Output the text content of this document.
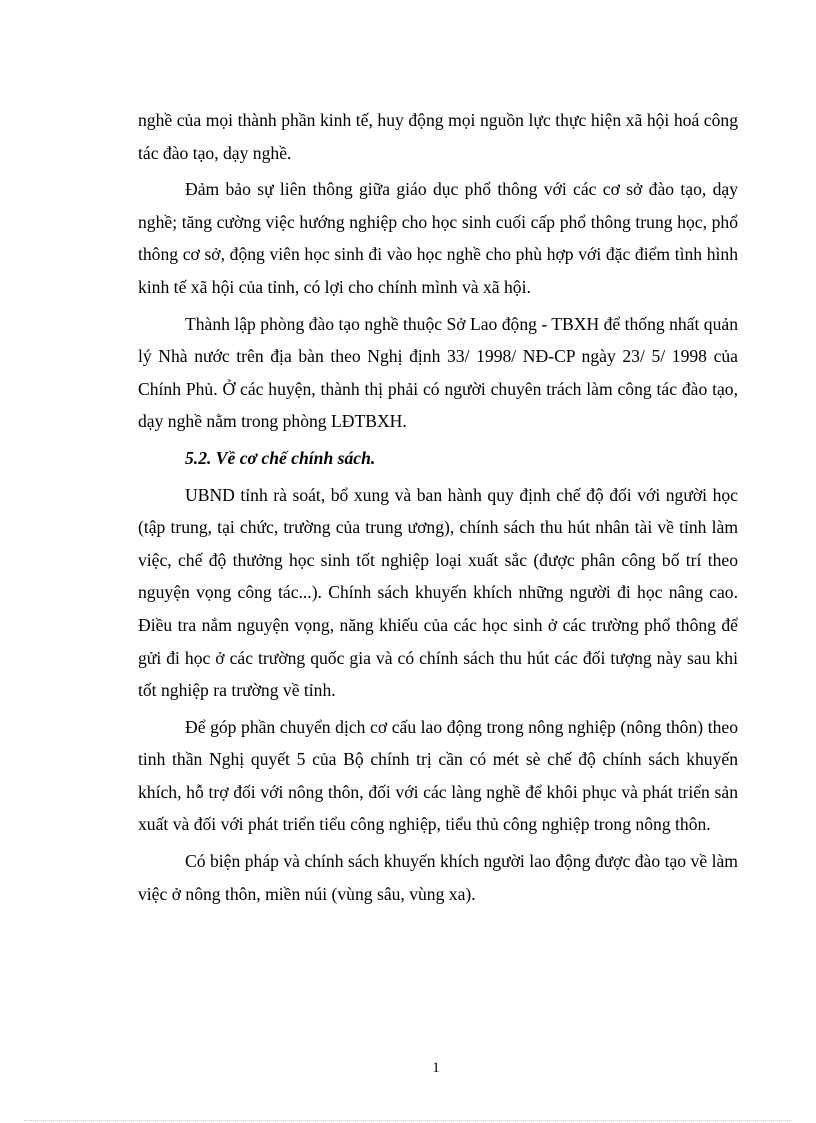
nghề của mọi thành phần kinh tế, huy động mọi nguồn lực thực hiện xã hội hoá công tác đào tạo, dạy nghề.

Đảm bảo sự liên thông giữa giáo dục phổ thông với các cơ sở đào tạo, dạy nghề; tăng cường việc hướng nghiệp cho học sinh cuối cấp phổ thông trung học, phổ thông cơ sở, động viên học sinh đi vào học nghề cho phù hợp với đặc điểm tình hình kinh tế xã hội của tỉnh, có lợi cho chính mình và xã hội.

Thành lập phòng đào tạo nghề thuộc Sở Lao động - TBXH để thống nhất quản lý Nhà nước trên địa bàn theo Nghị định 33/ 1998/ NĐ-CP ngày 23/ 5/ 1998 của Chính Phủ. Ở các huyện, thành thị phải có người chuyên trách làm công tác đào tạo, dạy nghề nằm trong phòng LĐTBXH.

5.2. Về cơ chế chính sách.

UBND tỉnh rà soát, bổ xung và ban hành quy định chế độ đối với người học (tập trung, tại chức, trường của trung ương), chính sách thu hút nhân tài về tỉnh làm việc, chế độ thưởng học sinh tốt nghiệp loại xuất sắc (được phân công bố trí theo nguyện vọng công tác...). Chính sách khuyến khích những người đi học nâng cao. Điều tra nắm nguyện vọng, năng khiếu của các học sinh ở các trường phổ thông để gửi đi học ở các trường quốc gia và có chính sách thu hút các đối tượng này sau khi tốt nghiệp ra trường về tỉnh.

Để góp phần chuyển dịch cơ cấu lao động trong nông nghiệp (nông thôn) theo tinh thần Nghị quyết 5 của Bộ chính trị cần có mét sè chế độ chính sách khuyến khích, hỗ trợ đối với nông thôn, đối với các làng nghề để khôi phục và phát triển sản xuất và đối với phát triển tiểu công nghiệp, tiểu thủ công nghiệp trong nông thôn.

Có biện pháp và chính sách khuyến khích người lao động được đào tạo về làm việc ở nông thôn, miền núi (vùng sâu, vùng xa).

1
